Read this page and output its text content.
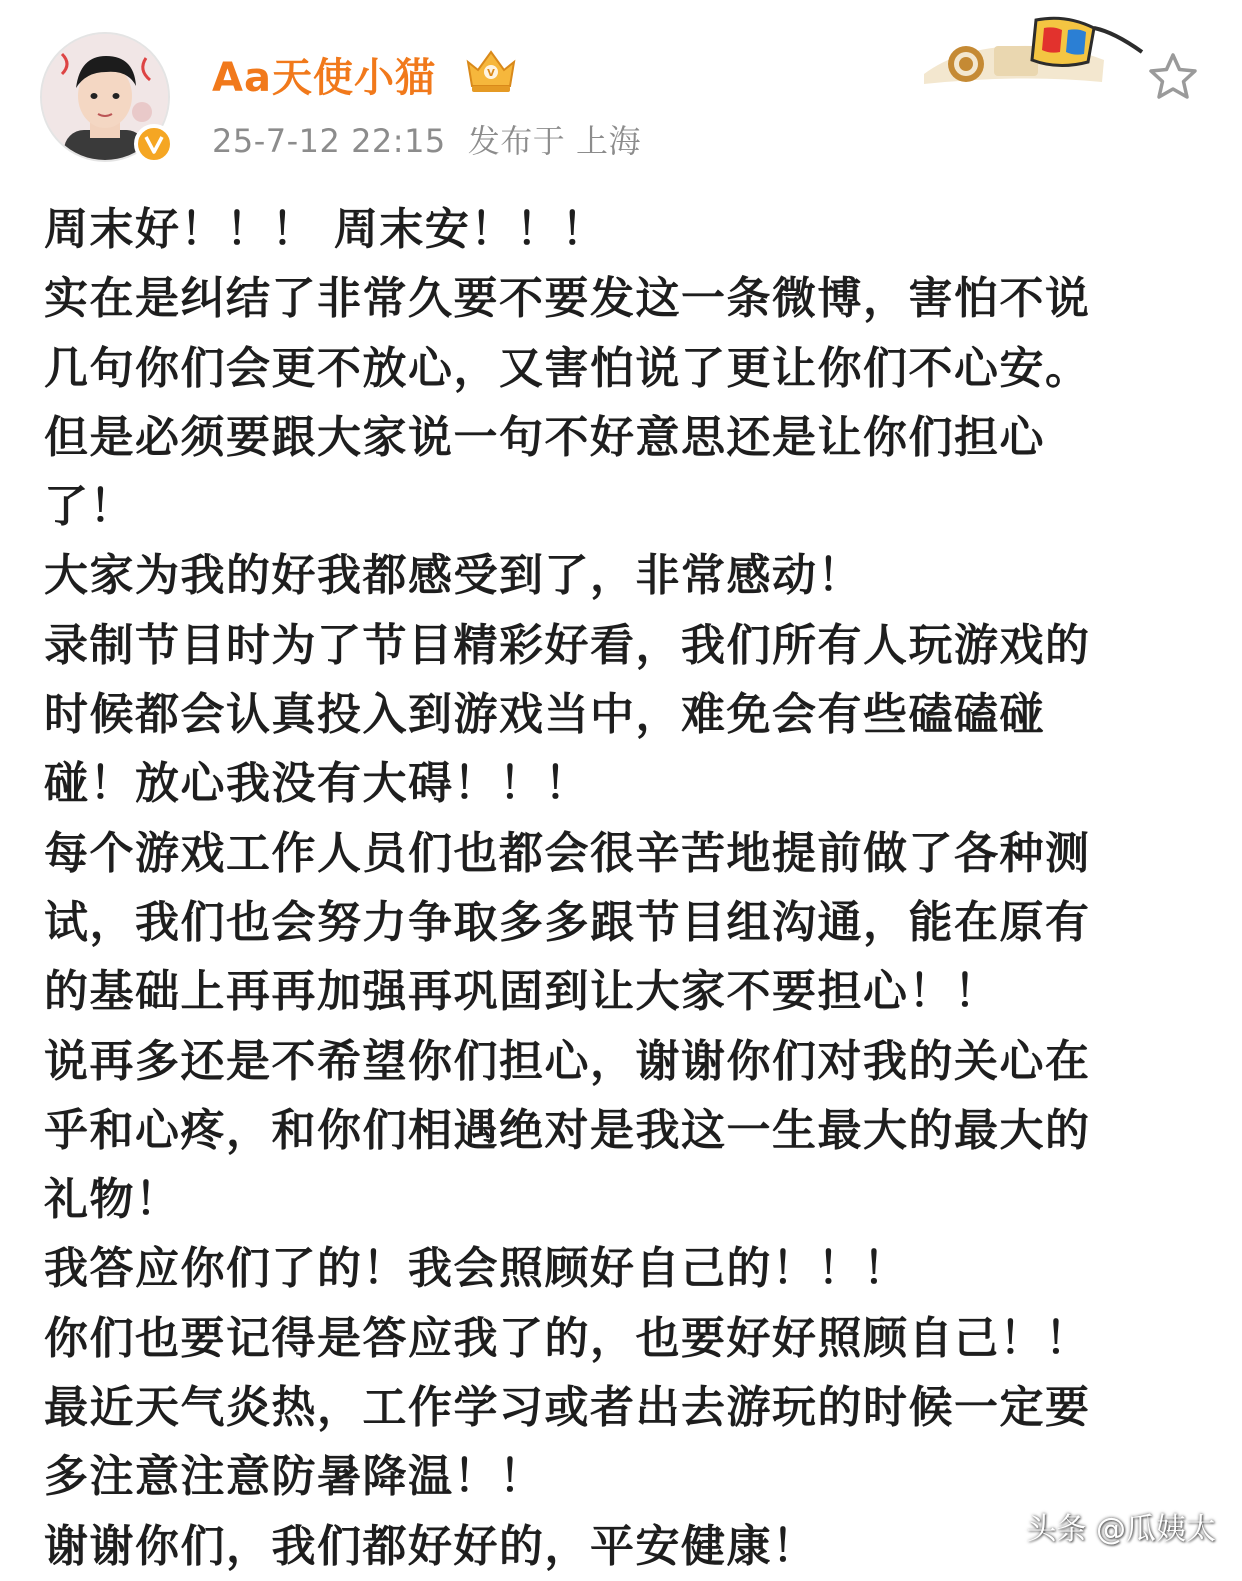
Aa天使小猫	V
25-7-12 22:15 发布于 上海
周末好！！！ 周末安！！！
实在是纠结了非常久要不要发这一条微博，害怕不说
几句你们会更不放心，又害怕说了更让你们不心安。
但是必须要跟大家说一句不好意思还是让你们担心
了！
大家为我的好我都感受到了，非常感动！
录制节目时为了节目精彩好看，我们所有人玩游戏的
时候都会认真投入到游戏当中，难免会有些磕磕碰
碰！放心我没有大碍！！！
每个游戏工作人员们也都会很辛苦地提前做了各种测
试，我们也会努力争取多多跟节目组沟通，能在原有
的基础上再再加强再巩固到让大家不要担心！！
说再多还是不希望你们担心，谢谢你们对我的关心在
乎和心疼，和你们相遇绝对是我这一生最大的最大的
礼物！
我答应你们了的！我会照顾好自己的！！！
你们也要记得是答应我了的，也要好好照顾自己！！
最近天气炎热，工作学习或者出去游玩的时候一定要
多注意注意防暑降温！！
谢谢你们，我们都好好的，平安健康！	头条 @瓜姨太
